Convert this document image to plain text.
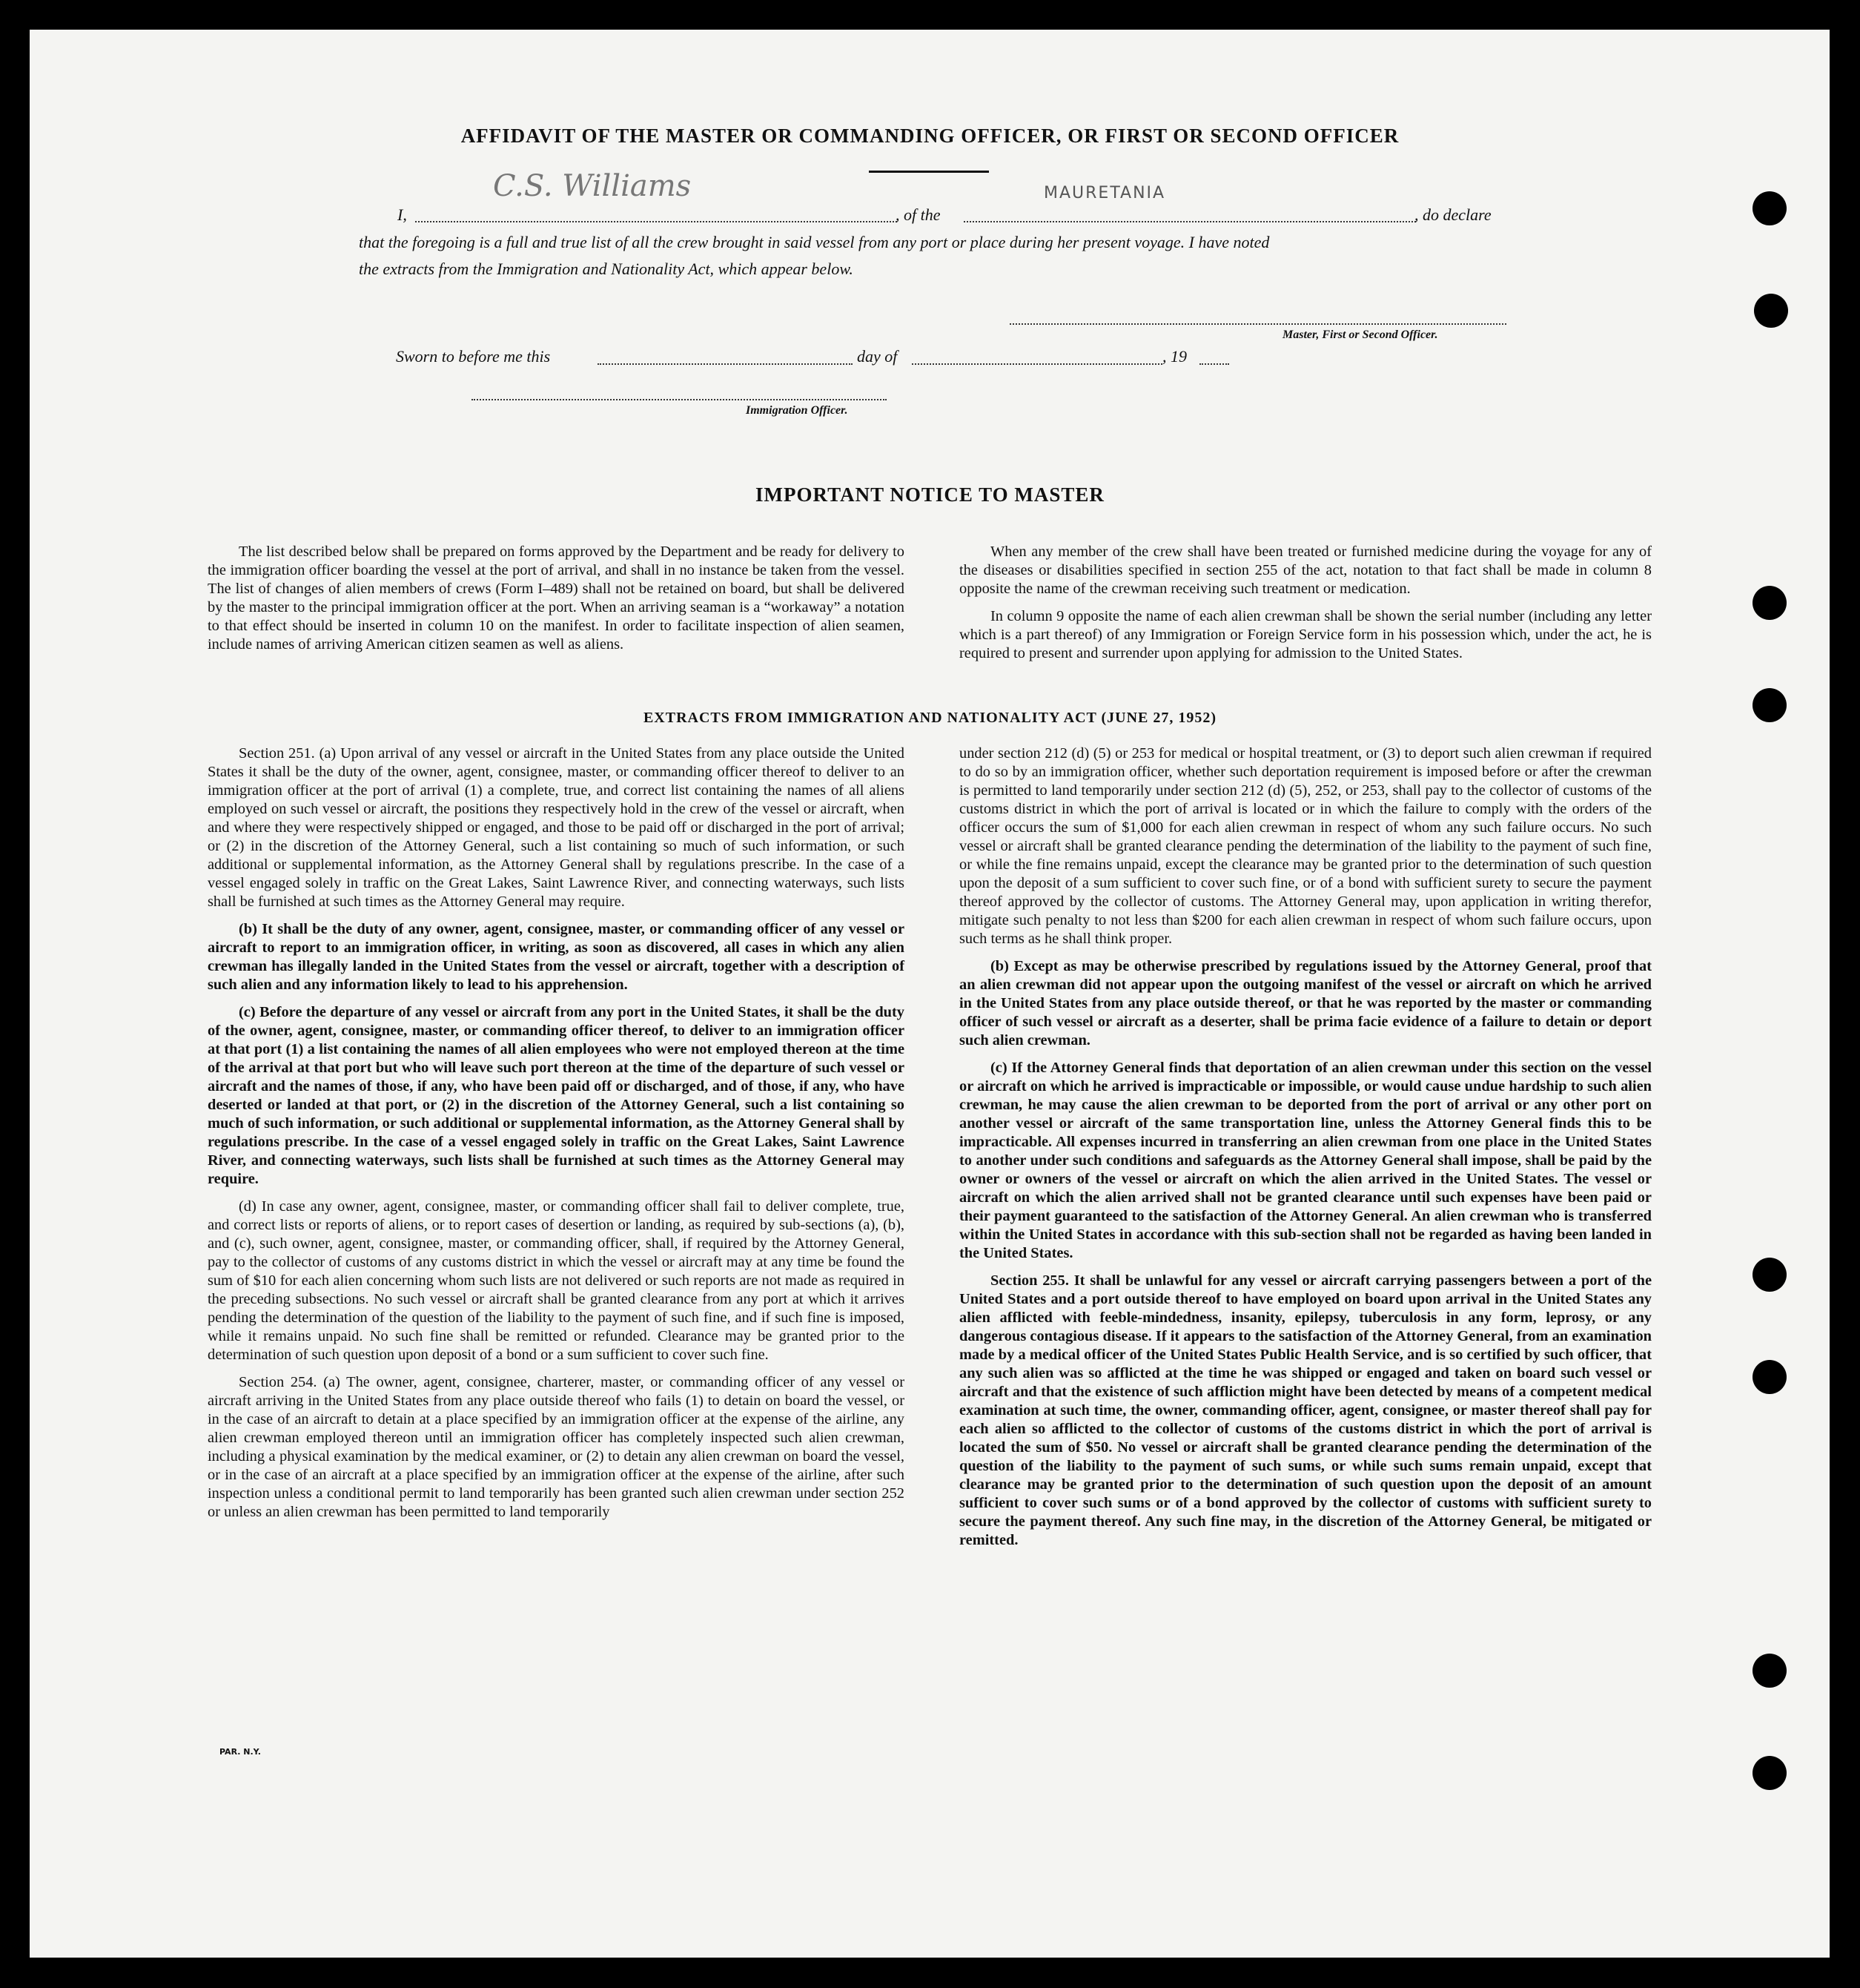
AFFIDAVIT OF THE MASTER OR COMMANDING OFFICER, OR FIRST OR SECOND OFFICER
I,
C.S. Williams
, of the
MAURETANIA
, do declare
that the foregoing is a full and true list of all the crew brought in said vessel from any port or place during her present voyage. I have noted
the extracts from the Immigration and Nationality Act, which appear below.
Master, First or Second Officer.
Sworn to before me this	day of	, 19
Immigration Officer.
IMPORTANT NOTICE TO MASTER

The list described below shall be prepared on forms approved by the Department and be ready for delivery to the immigration officer boarding the vessel at the port of arrival, and shall in no instance be taken from the vessel. The list of changes of alien members of crews (Form I–489) shall not be retained on board, but shall be delivered by the master to the principal immigration officer at the port. When an arriving seaman is a “workaway” a notation to that effect should be inserted in column 10 on the manifest. In order to facilitate inspection of alien seamen, include names of arriving American citizen seamen as well as aliens.

When any member of the crew shall have been treated or furnished medicine during the voyage for any of the diseases or disabilities specified in section 255 of the act, notation to that fact shall be made in column 8 opposite the name of the crewman receiving such treatment or medication.

In column 9 opposite the name of each alien crewman shall be shown the serial number (including any letter which is a part thereof) of any Immigration or Foreign Service form in his possession which, under the act, he is required to present and surrender upon applying for admission to the United States.

EXTRACTS FROM IMMIGRATION AND NATIONALITY ACT (JUNE 27, 1952)

Section 251. (a) Upon arrival of any vessel or aircraft in the United States from any place outside the United States it shall be the duty of the owner, agent, consignee, master, or commanding officer thereof to deliver to an immigration officer at the port of arrival (1) a complete, true, and correct list containing the names of all aliens employed on such vessel or aircraft, the positions they respectively hold in the crew of the vessel or aircraft, when and where they were respectively shipped or engaged, and those to be paid off or discharged in the port of arrival; or (2) in the discretion of the Attorney General, such a list containing so much of such information, or such additional or supplemental information, as the Attorney General shall by regulations prescribe. In the case of a vessel engaged solely in traffic on the Great Lakes, Saint Lawrence River, and connecting waterways, such lists shall be furnished at such times as the Attorney General may require.

(b) It shall be the duty of any owner, agent, consignee, master, or commanding officer of any vessel or aircraft to report to an immigration officer, in writing, as soon as discovered, all cases in which any alien crewman has illegally landed in the United States from the vessel or aircraft, together with a description of such alien and any information likely to lead to his apprehension.

(c) Before the departure of any vessel or aircraft from any port in the United States, it shall be the duty of the owner, agent, consignee, master, or commanding officer thereof, to deliver to an immigration officer at that port (1) a list containing the names of all alien employees who were not employed thereon at the time of the arrival at that port but who will leave such port thereon at the time of the departure of such vessel or aircraft and the names of those, if any, who have been paid off or discharged, and of those, if any, who have deserted or landed at that port, or (2) in the discretion of the Attorney General, such a list containing so much of such information, or such additional or supplemental information, as the Attorney General shall by regulations prescribe. In the case of a vessel engaged solely in traffic on the Great Lakes, Saint Lawrence River, and connecting waterways, such lists shall be furnished at such times as the Attorney General may require.

(d) In case any owner, agent, consignee, master, or commanding officer shall fail to deliver complete, true, and correct lists or reports of aliens, or to report cases of desertion or landing, as required by sub-sections (a), (b), and (c), such owner, agent, consignee, master, or commanding officer, shall, if required by the Attorney General, pay to the collector of customs of any customs district in which the vessel or aircraft may at any time be found the sum of $10 for each alien concerning whom such lists are not delivered or such reports are not made as required in the preceding subsections. No such vessel or aircraft shall be granted clearance from any port at which it arrives pending the determination of the question of the liability to the payment of such fine, and if such fine is imposed, while it remains unpaid. No such fine shall be remitted or refunded. Clearance may be granted prior to the determination of such question upon deposit of a bond or a sum sufficient to cover such fine.

Section 254. (a) The owner, agent, consignee, charterer, master, or commanding officer of any vessel or aircraft arriving in the United States from any place outside thereof who fails (1) to detain on board the vessel, or in the case of an aircraft to detain at a place specified by an immigration officer at the expense of the airline, any alien crewman employed thereon until an immigration officer has completely inspected such alien crewman, including a physical examination by the medical examiner, or (2) to detain any alien crewman on board the vessel, or in the case of an aircraft at a place specified by an immigration officer at the expense of the airline, after such inspection unless a conditional permit to land temporarily has been granted such alien crewman under section 252 or unless an alien crewman has been permitted to land temporarily

under section 212 (d) (5) or 253 for medical or hospital treatment, or (3) to deport such alien crewman if required to do so by an immigration officer, whether such deportation requirement is imposed before or after the crewman is permitted to land temporarily under section 212 (d) (5), 252, or 253, shall pay to the collector of customs of the customs district in which the port of arrival is located or in which the failure to comply with the orders of the officer occurs the sum of $1,000 for each alien crewman in respect of whom any such failure occurs. No such vessel or aircraft shall be granted clearance pending the determination of the liability to the payment of such fine, or while the fine remains unpaid, except the clearance may be granted prior to the determination of such question upon the deposit of a sum sufficient to cover such fine, or of a bond with sufficient surety to secure the payment thereof approved by the collector of customs. The Attorney General may, upon application in writing therefor, mitigate such penalty to not less than $200 for each alien crewman in respect of whom such failure occurs, upon such terms as he shall think proper.

(b) Except as may be otherwise prescribed by regulations issued by the Attorney General, proof that an alien crewman did not appear upon the outgoing manifest of the vessel or aircraft on which he arrived in the United States from any place outside thereof, or that he was reported by the master or commanding officer of such vessel or aircraft as a deserter, shall be prima facie evidence of a failure to detain or deport such alien crewman.

(c) If the Attorney General finds that deportation of an alien crewman under this section on the vessel or aircraft on which he arrived is impracticable or impossible, or would cause undue hardship to such alien crewman, he may cause the alien crewman to be deported from the port of arrival or any other port on another vessel or aircraft of the same transportation line, unless the Attorney General finds this to be impracticable. All expenses incurred in transferring an alien crewman from one place in the United States to another under such conditions and safeguards as the Attorney General shall impose, shall be paid by the owner or owners of the vessel or aircraft on which the alien arrived in the United States. The vessel or aircraft on which the alien arrived shall not be granted clearance until such expenses have been paid or their payment guaranteed to the satisfaction of the Attorney General. An alien crewman who is transferred within the United States in accordance with this sub-section shall not be regarded as having been landed in the United States.

Section 255. It shall be unlawful for any vessel or aircraft carrying passengers between a port of the United States and a port outside thereof to have employed on board upon arrival in the United States any alien afflicted with feeble-mindedness, insanity, epilepsy, tuberculosis in any form, leprosy, or any dangerous contagious disease. If it appears to the satisfaction of the Attorney General, from an examination made by a medical officer of the United States Public Health Service, and is so certified by such officer, that any such alien was so afflicted at the time he was shipped or engaged and taken on board such vessel or aircraft and that the existence of such affliction might have been detected by means of a competent medical examination at such time, the owner, commanding officer, agent, consignee, or master thereof shall pay for each alien so afflicted to the collector of customs of the customs district in which the port of arrival is located the sum of $50. No vessel or aircraft shall be granted clearance pending the determination of the question of the liability to the payment of such sums, or while such sums remain unpaid, except that clearance may be granted prior to the determination of such question upon the deposit of an amount sufficient to cover such sums or of a bond approved by the collector of customs with sufficient surety to secure the payment thereof. Any such fine may, in the discretion of the Attorney General, be mitigated or remitted.

PAR. N.Y.
